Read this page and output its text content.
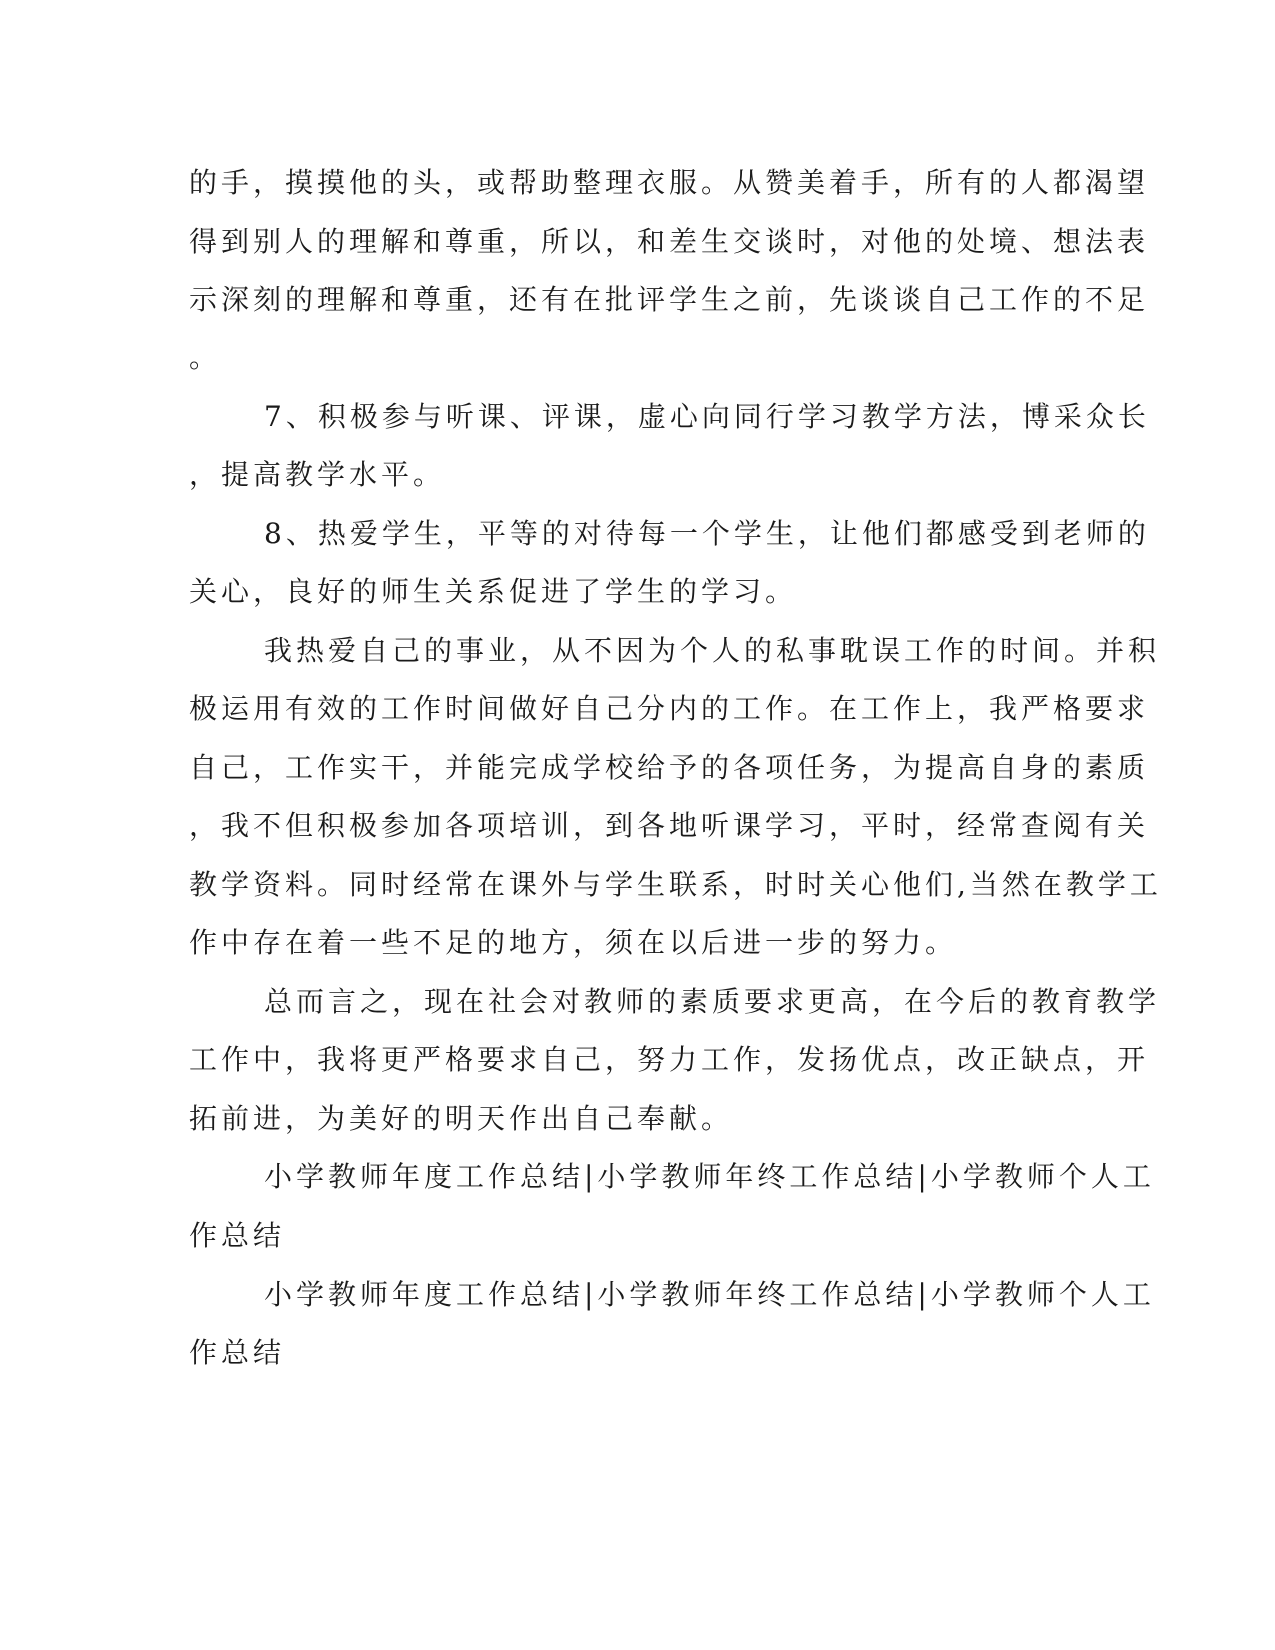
的手，摸摸他的头，或帮助整理衣服。从赞美着手，所有的人都渴望
得到别人的理解和尊重，所以，和差生交谈时，对他的处境、想法表
示深刻的理解和尊重，还有在批评学生之前，先谈谈自己工作的不足
。
7、积极参与听课、评课，虚心向同行学习教学方法，博采众长
，提高教学水平。
8、热爱学生，平等的对待每一个学生，让他们都感受到老师的
关心，良好的师生关系促进了学生的学习。
我热爱自己的事业，从不因为个人的私事耽误工作的时间。并积
极运用有效的工作时间做好自己分内的工作。在工作上，我严格要求
自己，工作实干，并能完成学校给予的各项任务，为提高自身的素质
，我不但积极参加各项培训，到各地听课学习，平时，经常查阅有关
教学资料。同时经常在课外与学生联系，时时关心他们,当然在教学工
作中存在着一些不足的地方，须在以后进一步的努力。
总而言之，现在社会对教师的素质要求更高，在今后的教育教学
工作中，我将更严格要求自己，努力工作，发扬优点，改正缺点，开
拓前进，为美好的明天作出自己奉献。
小学教师年度工作总结|小学教师年终工作总结|小学教师个人工
作总结
小学教师年度工作总结|小学教师年终工作总结|小学教师个人工
作总结
